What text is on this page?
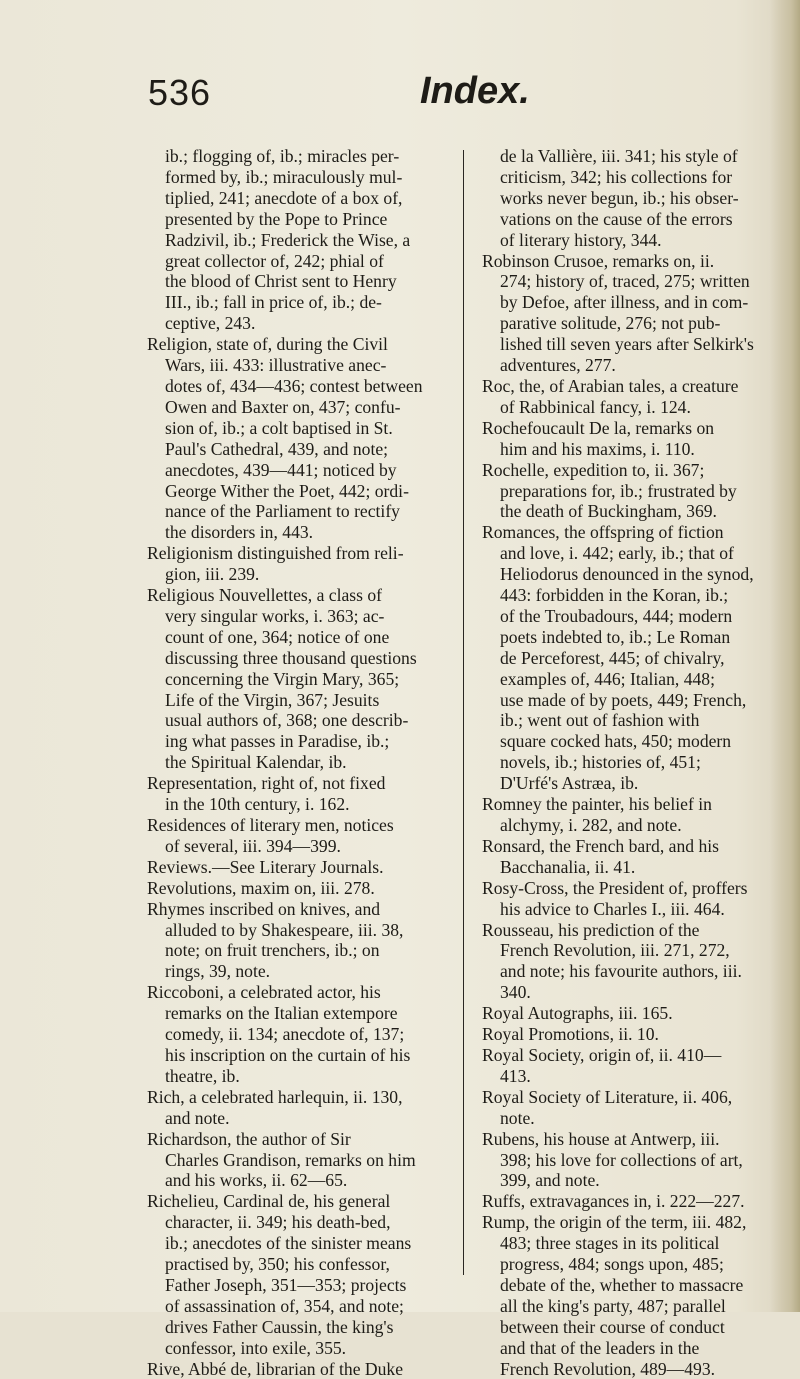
536	Index.
ib.; flogging of, ib.; miracles per-
formed by, ib.; miraculously mul-
tiplied, 241; anecdote of a box of,
presented by the Pope to Prince
Radzivil, ib.; Frederick the Wise, a
great collector of, 242; phial of
the blood of Christ sent to Henry
III., ib.; fall in price of, ib.; de-
ceptive, 243.
Religion, state of, during the Civil
Wars, iii. 433: illustrative anec-
dotes of, 434—436; contest between
Owen and Baxter on, 437; confu-
sion of, ib.; a colt baptised in St.
Paul's Cathedral, 439, and note;
anecdotes, 439—441; noticed by
George Wither the Poet, 442; ordi-
nance of the Parliament to rectify
the disorders in, 443.
Religionism distinguished from reli-
gion, iii. 239.
Religious Nouvellettes, a class of
very singular works, i. 363; ac-
count of one, 364; notice of one
discussing three thousand questions
concerning the Virgin Mary, 365;
Life of the Virgin, 367; Jesuits
usual authors of, 368; one describ-
ing what passes in Paradise, ib.;
the Spiritual Kalendar, ib.
Representation, right of, not fixed
in the 10th century, i. 162.
Residences of literary men, notices
of several, iii. 394—399.
Reviews.—See Literary Journals.
Revolutions, maxim on, iii. 278.
Rhymes inscribed on knives, and
alluded to by Shakespeare, iii. 38,
note; on fruit trenchers, ib.; on
rings, 39, note.
Riccoboni, a celebrated actor, his
remarks on the Italian extempore
comedy, ii. 134; anecdote of, 137;
his inscription on the curtain of his
theatre, ib.
Rich, a celebrated harlequin, ii. 130,
and note.
Richardson, the author of Sir
Charles Grandison, remarks on him
and his works, ii. 62—65.
Richelieu, Cardinal de, his general
character, ii. 349; his death-bed,
ib.; anecdotes of the sinister means
practised by, 350; his confessor,
Father Joseph, 351—353; projects
of assassination of, 354, and note;
drives Father Caussin, the king's
confessor, into exile, 355.
Rive, Abbé de, librarian of the Duke
de la Vallière, iii. 341; his style of
criticism, 342; his collections for
works never begun, ib.; his obser-
vations on the cause of the errors
of literary history, 344.
Robinson Crusoe, remarks on, ii.
274; history of, traced, 275; written
by Defoe, after illness, and in com-
parative solitude, 276; not pub-
lished till seven years after Selkirk's
adventures, 277.
Roc, the, of Arabian tales, a creature
of Rabbinical fancy, i. 124.
Rochefoucault De la, remarks on
him and his maxims, i. 110.
Rochelle, expedition to, ii. 367;
preparations for, ib.; frustrated by
the death of Buckingham, 369.
Romances, the offspring of fiction
and love, i. 442; early, ib.; that of
Heliodorus denounced in the synod,
443: forbidden in the Koran, ib.;
of the Troubadours, 444; modern
poets indebted to, ib.; Le Roman
de Perceforest, 445; of chivalry,
examples of, 446; Italian, 448;
use made of by poets, 449; French,
ib.; went out of fashion with
square cocked hats, 450; modern
novels, ib.; histories of, 451;
D'Urfé's Astræa, ib.
Romney the painter, his belief in
alchymy, i. 282, and note.
Ronsard, the French bard, and his
Bacchanalia, ii. 41.
Rosy-Cross, the President of, proffers
his advice to Charles I., iii. 464.
Rousseau, his prediction of the
French Revolution, iii. 271, 272,
and note; his favourite authors, iii.
340.
Royal Autographs, iii. 165.
Royal Promotions, ii. 10.
Royal Society, origin of, ii. 410—
413.
Royal Society of Literature, ii. 406,
note.
Rubens, his house at Antwerp, iii.
398; his love for collections of art,
399, and note.
Ruffs, extravagances in, i. 222—227.
Rump, the origin of the term, iii. 482,
483; three stages in its political
progress, 484; songs upon, 485;
debate of the, whether to massacre
all the king's party, 487; parallel
between their course of conduct
and that of the leaders in the
French Revolution, 489—493.
